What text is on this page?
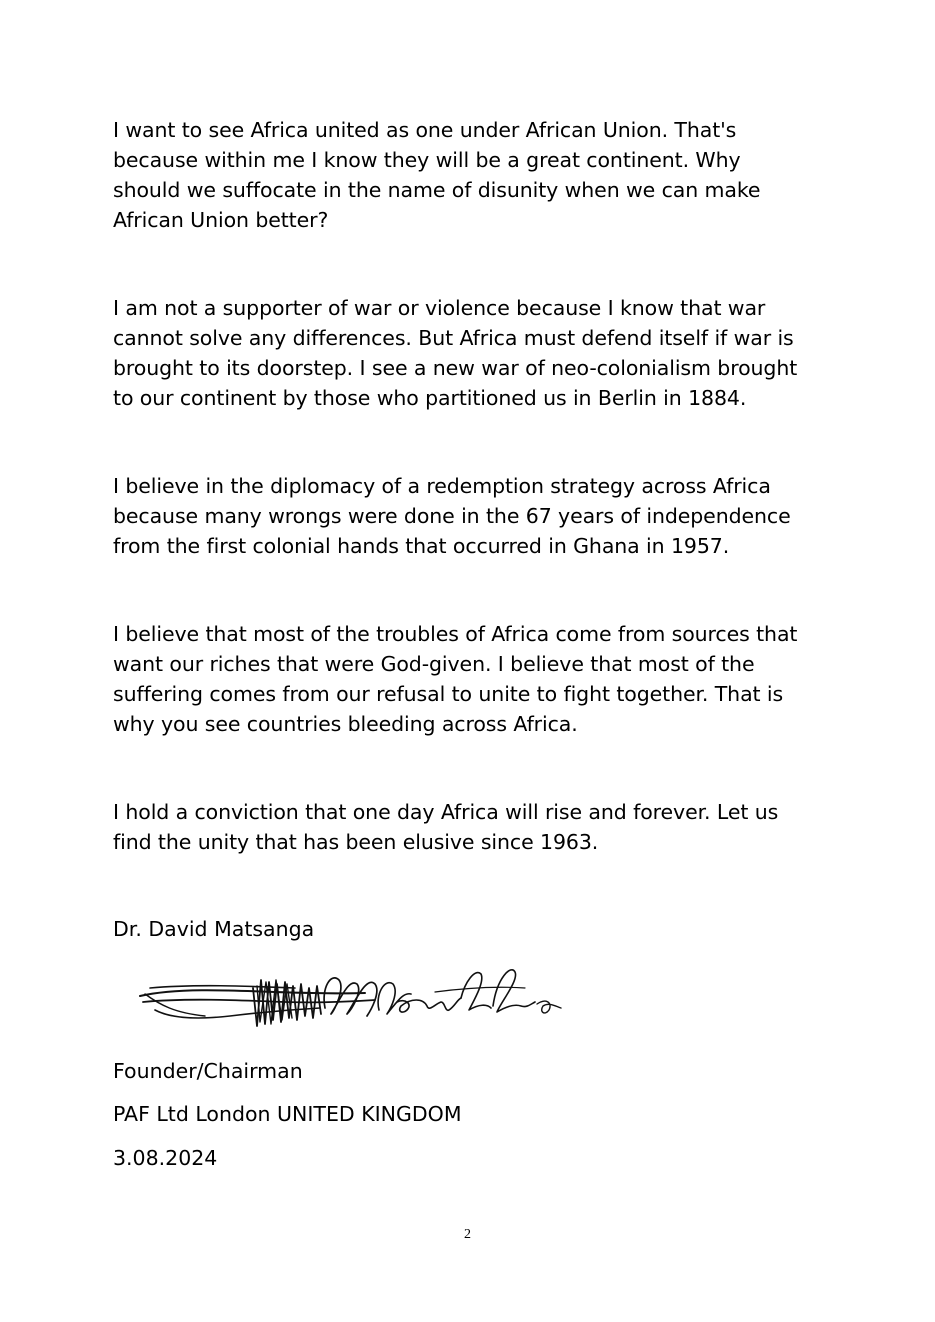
I want to see Africa united as one under African Union. That's
because within me I know they will be a great continent. Why
should we suffocate in the name of disunity when we can make
African Union better?

I am not a supporter of war or violence because I know that war
cannot solve any differences. But Africa must defend itself if war is
brought to its doorstep. I see a new war of neo-colonialism brought
to our continent by those who partitioned us in Berlin in 1884.

I believe in the diplomacy of a redemption strategy across Africa
because many wrongs were done in the 67 years of independence
from the first colonial hands that occurred in Ghana in 1957.

I believe that most of the troubles of Africa come from sources that
want our riches that were God-given. I believe that most of the
suffering comes from our refusal to unite to fight together. That is
why you see countries bleeding across Africa.

I hold a conviction that one day Africa will rise and forever. Let us
find the unity that has been elusive since 1963.

Dr. David Matsanga
Founder/Chairman
PAF Ltd London UNITED KINGDOM
3.08.2024
2
